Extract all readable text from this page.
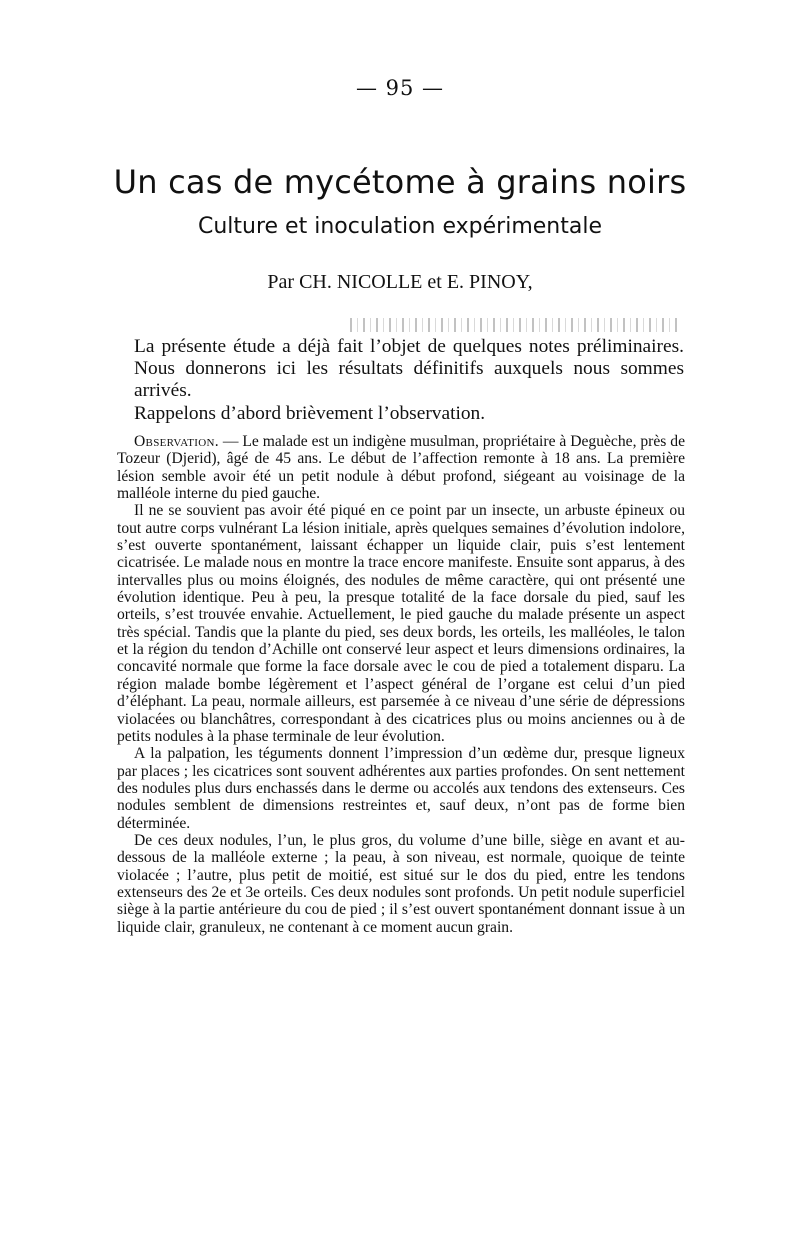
— 95 —
Un cas de mycétome à grains noirs
Culture et inoculation expérimentale
Par CH. NICOLLE et E. PINOY,

La présente étude a déjà fait l’objet de quelques notes préliminaires. Nous donnerons ici les résultats définitifs auxquels nous sommes arrivés.

Rappelons d’abord brièvement l’observation.

Observation. — Le malade est un indigène musulman, propriétaire à Deguèche, près de Tozeur (Djerid), âgé de 45 ans. Le début de l’affection remonte à 18 ans. La première lésion semble avoir été un petit nodule à début profond, siégeant au voisinage de la malléole interne du pied gauche.

Il ne se souvient pas avoir été piqué en ce point par un insecte, un arbuste épineux ou tout autre corps vulnérant La lésion initiale, après quelques semaines d’évolution indolore, s’est ouverte spontanément, laissant échapper un liquide clair, puis s’est lentement cicatrisée. Le malade nous en montre la trace encore manifeste. Ensuite sont apparus, à des intervalles plus ou moins éloignés, des nodules de même caractère, qui ont présenté une évolution identique. Peu à peu, la presque totalité de la face dorsale du pied, sauf les orteils, s’est trouvée envahie. Actuellement, le pied gauche du malade présente un aspect très spécial. Tandis que la plante du pied, ses deux bords, les orteils, les malléoles, le talon et la région du tendon d’Achille ont conservé leur aspect et leurs dimensions ordinaires, la concavité normale que forme la face dorsale avec le cou de pied a totalement disparu. La région malade bombe légèrement et l’aspect général de l’organe est celui d’un pied d’éléphant. La peau, normale ailleurs, est parsemée à ce niveau d’une série de dépressions violacées ou blanchâtres, correspondant à des cicatrices plus ou moins anciennes ou à de petits nodules à la phase terminale de leur évolution.

A la palpation, les téguments donnent l’impression d’un œdème dur, presque ligneux par places ; les cicatrices sont souvent adhérentes aux parties profondes. On sent nettement des nodules plus durs enchassés dans le derme ou accolés aux tendons des extenseurs. Ces nodules semblent de dimensions restreintes et, sauf deux, n’ont pas de forme bien déterminée.

De ces deux nodules, l’un, le plus gros, du volume d’une bille, siège en avant et au-dessous de la malléole externe ; la peau, à son niveau, est normale, quoique de teinte violacée ; l’autre, plus petit de moitié, est situé sur le dos du pied, entre les tendons extenseurs des 2e et 3e orteils. Ces deux nodules sont profonds. Un petit nodule superficiel siège à la partie antérieure du cou de pied ; il s’est ouvert spontanément donnant issue à un liquide clair, granuleux, ne contenant à ce moment aucun grain.
